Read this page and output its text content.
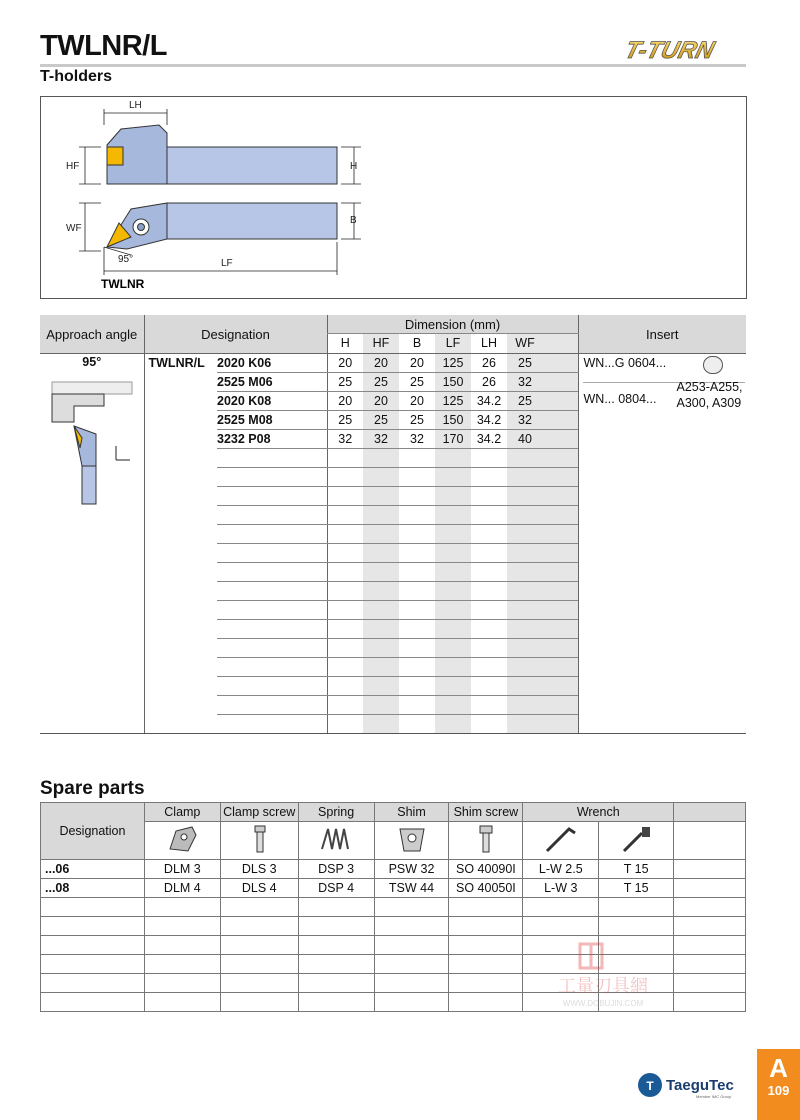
TWLNR/L
T-holders
T-TURN
LH
HF	H
WF
B
95°	LF
TWLNR
Approach angle	Designation		Dimension (mm)							Insert
			H	HF	B	LF	LH	WF		
95°	TWLNR/L	2020 K06	20	20	20	125	26	25		WN...G 0604...
WN... 0804...
A253-A255,
A300, A309

		2525 M06	25	25	25	150	26	32		
		2020 K08	20	20	20	125	34.2	25		
		2525 M08	25	25	25	150	34.2	32		
		3232 P08	32	32	32	170	34.2	40		

Spare parts
Designation	Clamp	Clamp screw	Spring	Shim	Shim screw	Wrench		

...06	DLM 3	DLS 3	DSP 3	PSW 32	SO 40090I	L-W 2.5	T 15	
...08	DLM 4	DLS 4	DSP 4	TSW 44	SO 40050I	L-W 3	T 15	

工量刃具網
WWW.DGBUJIN.COM
T TaeguTec
Member IMC Group
A
109
